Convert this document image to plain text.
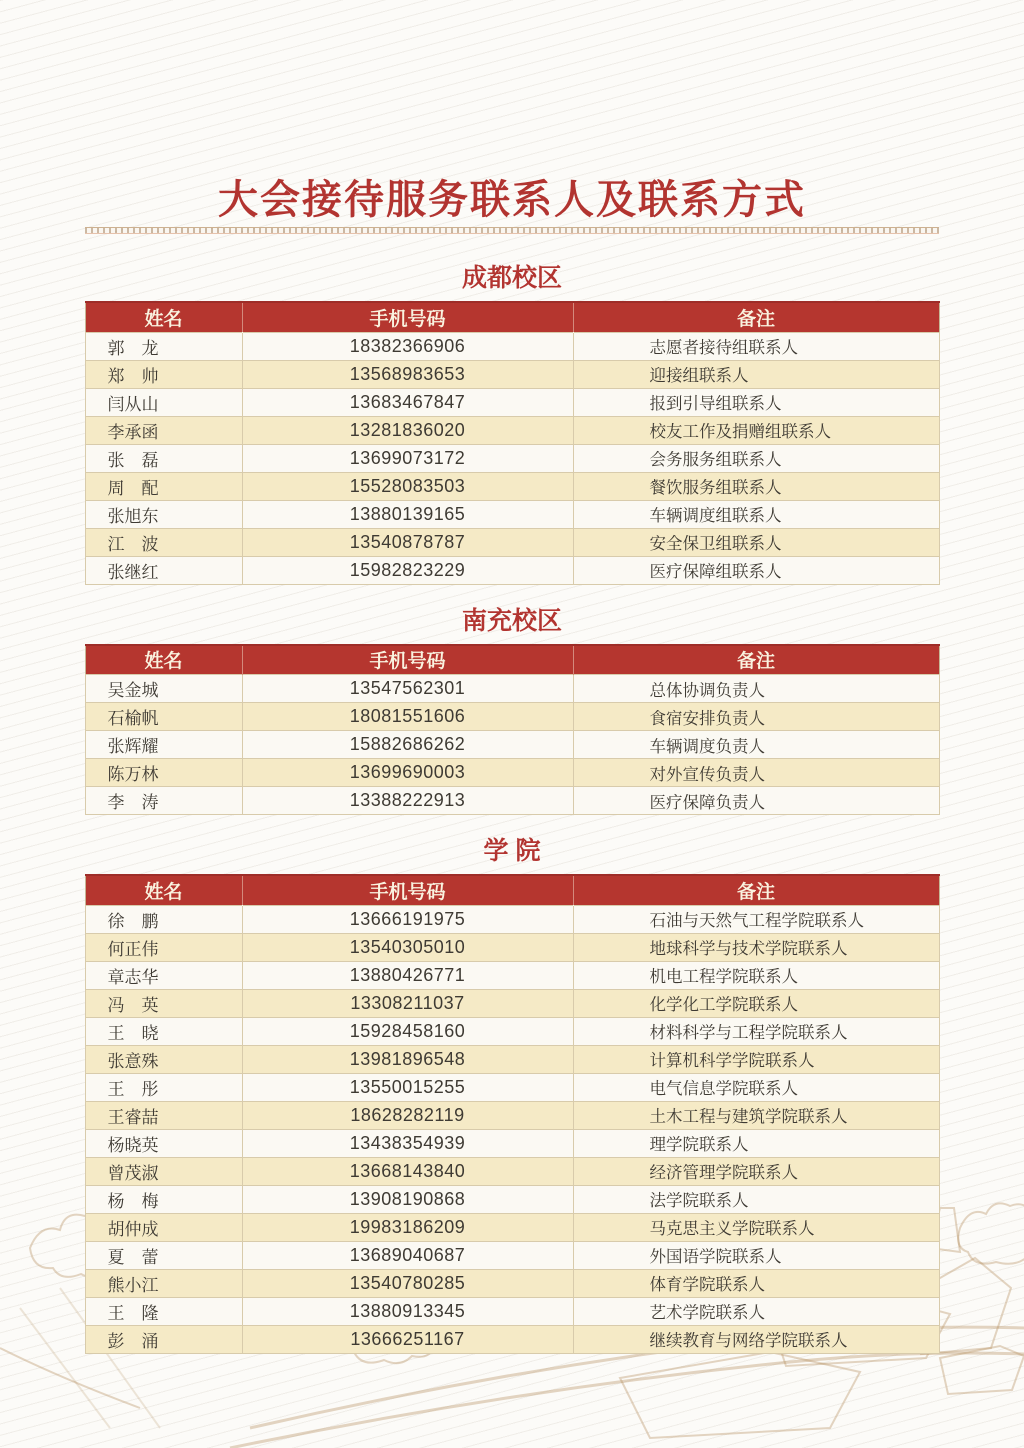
大会接待服务联系人及联系方式
成都校区
姓名	手机号码	备注
郭　龙	18382366906	志愿者接待组联系人
郑　帅	13568983653	迎接组联系人
闫从山	13683467847	报到引导组联系人
李承函	13281836020	校友工作及捐赠组联系人
张　磊	13699073172	会务服务组联系人
周　配	15528083503	餐饮服务组联系人
张旭东	13880139165	车辆调度组联系人
江　波	13540878787	安全保卫组联系人
张继红	15982823229	医疗保障组联系人
南充校区
姓名	手机号码	备注
吴金城	13547562301	总体协调负责人
石榆帆	18081551606	食宿安排负责人
张辉耀	15882686262	车辆调度负责人
陈万林	13699690003	对外宣传负责人
李　涛	13388222913	医疗保障负责人
学 院
姓名	手机号码	备注
徐　鹏	13666191975	石油与天然气工程学院联系人
何正伟	13540305010	地球科学与技术学院联系人
章志华	13880426771	机电工程学院联系人
冯　英	13308211037	化学化工学院联系人
王　晓	15928458160	材料科学与工程学院联系人
张意殊	13981896548	计算机科学学院联系人
王　彤	13550015255	电气信息学院联系人
王睿喆	18628282119	土木工程与建筑学院联系人
杨晓英	13438354939	理学院联系人
曾茂淑	13668143840	经济管理学院联系人
杨　梅	13908190868	法学院联系人
胡仲成	19983186209	马克思主义学院联系人
夏　蕾	13689040687	外国语学院联系人
熊小江	13540780285	体育学院联系人
王　隆	13880913345	艺术学院联系人
彭　涌	13666251167	继续教育与网络学院联系人
